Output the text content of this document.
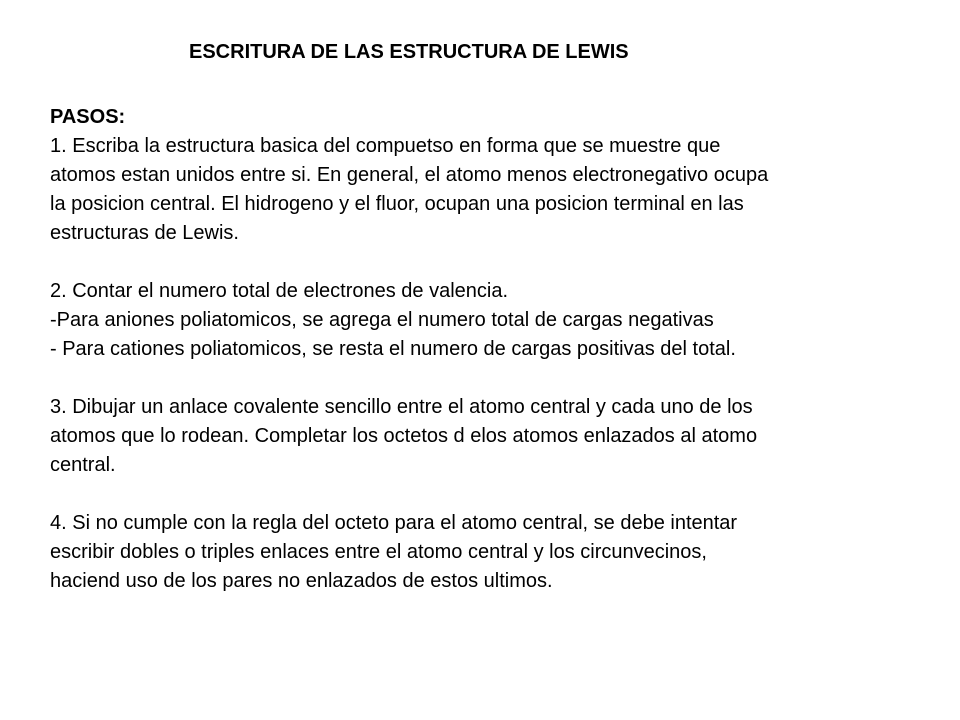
ESCRITURA DE LAS ESTRUCTURA DE LEWIS

PASOS:

1. Escriba la estructura basica del compuetso en forma que se muestre que

atomos estan unidos entre si. En general, el atomo menos electronegativo ocupa

la posicion central. El hidrogeno y el fluor, ocupan una posicion terminal en las

estructuras de Lewis.

2. Contar el numero total de electrones de valencia.

-Para aniones poliatomicos, se agrega el numero total de cargas negativas

- Para cationes poliatomicos, se resta el numero de cargas positivas del total.

3. Dibujar un anlace covalente sencillo entre el atomo central y cada uno de los

atomos que lo rodean. Completar los octetos d elos atomos enlazados al atomo

central.

4. Si no cumple con la regla del octeto para el atomo central, se debe intentar

escribir dobles o triples enlaces entre el atomo central y los circunvecinos,

haciend uso de los pares no enlazados de estos ultimos.
